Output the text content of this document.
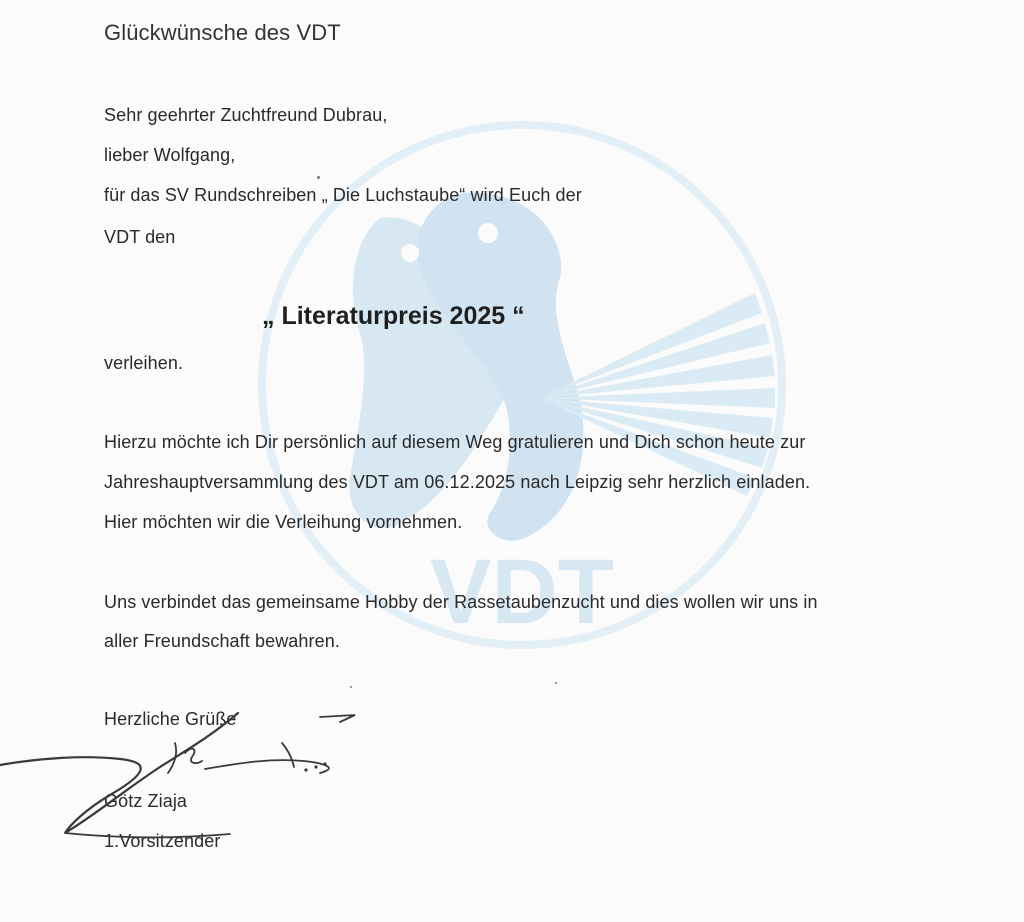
VDT
Glückwünsche des VDT
Sehr geehrter Zuchtfreund Dubrau,
lieber Wolfgang,
für das SV Rundschreiben „ Die Luchstaube“ wird Euch der
VDT den
„ Literaturpreis 2025 “
verleihen.
Hierzu möchte ich Dir persönlich auf diesem Weg gratulieren und Dich schon heute zur
Jahreshauptversammlung des VDT am 06.12.2025 nach Leipzig sehr herzlich einladen.
Hier möchten wir die Verleihung vornehmen.
Uns verbindet das gemeinsame Hobby der Rassetaubenzucht und dies wollen wir uns in
aller Freundschaft bewahren.
Herzliche Grüße
Götz Ziaja
1.Vorsitzender
